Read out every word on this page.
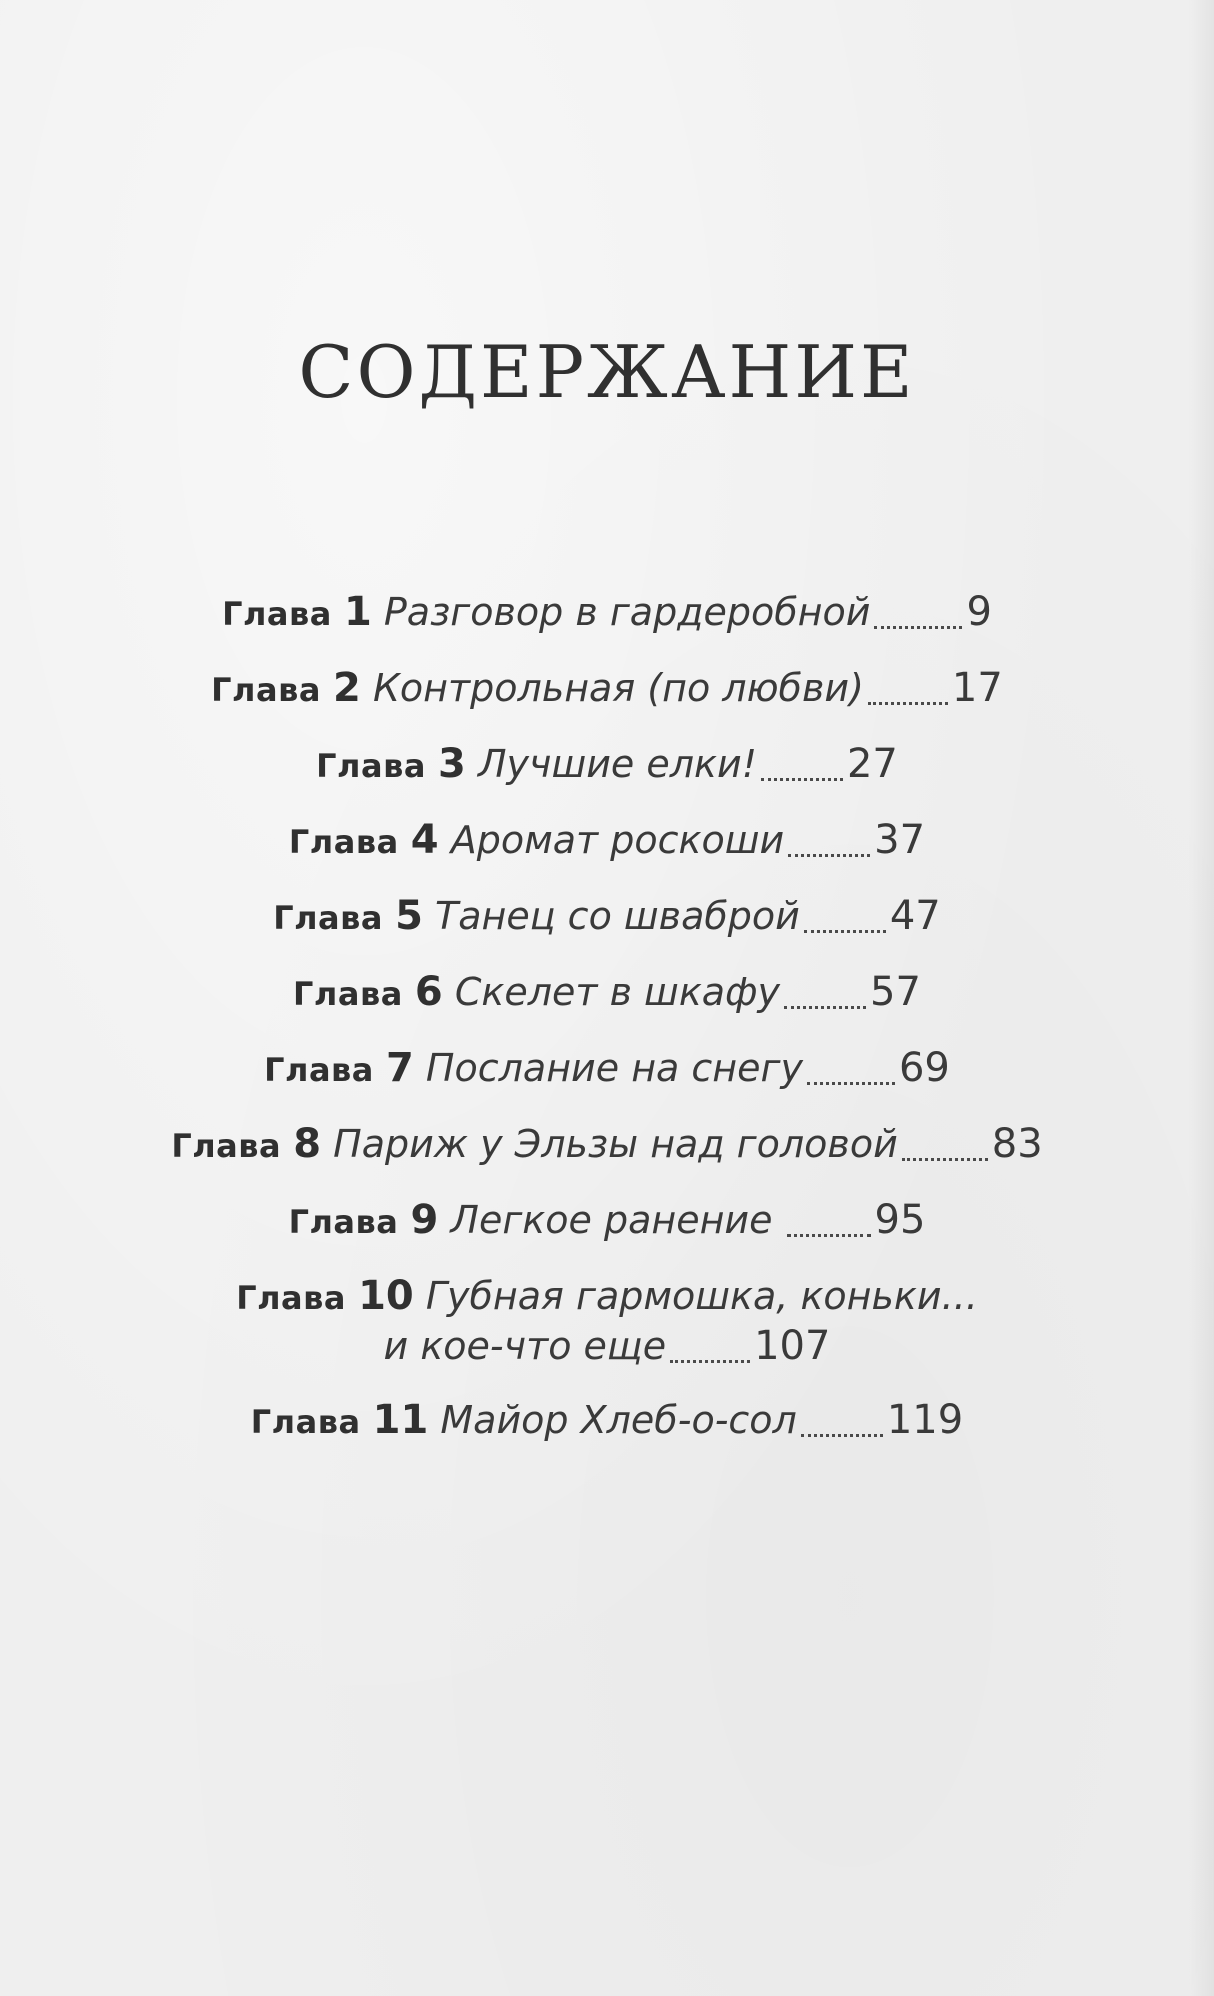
СОДЕРЖАНИЕ
Глава 1 Разговор в гардеробной 9
Глава 2 Контрольная (по любви) 17
Глава 3 Лучшие елки! 27
Глава 4 Аромат роскоши 37
Глава 5 Танец со шваброй 47
Глава 6 Скелет в шкафу 57
Глава 7 Послание на снегу 69
Глава 8 Париж у Эльзы над головой 83
Глава 9 Легкое ранение	95
Глава 10 Губная гармошка, коньки...
и кое-что еще 107
Глава 11 Майор Хлеб-о-сол 119
